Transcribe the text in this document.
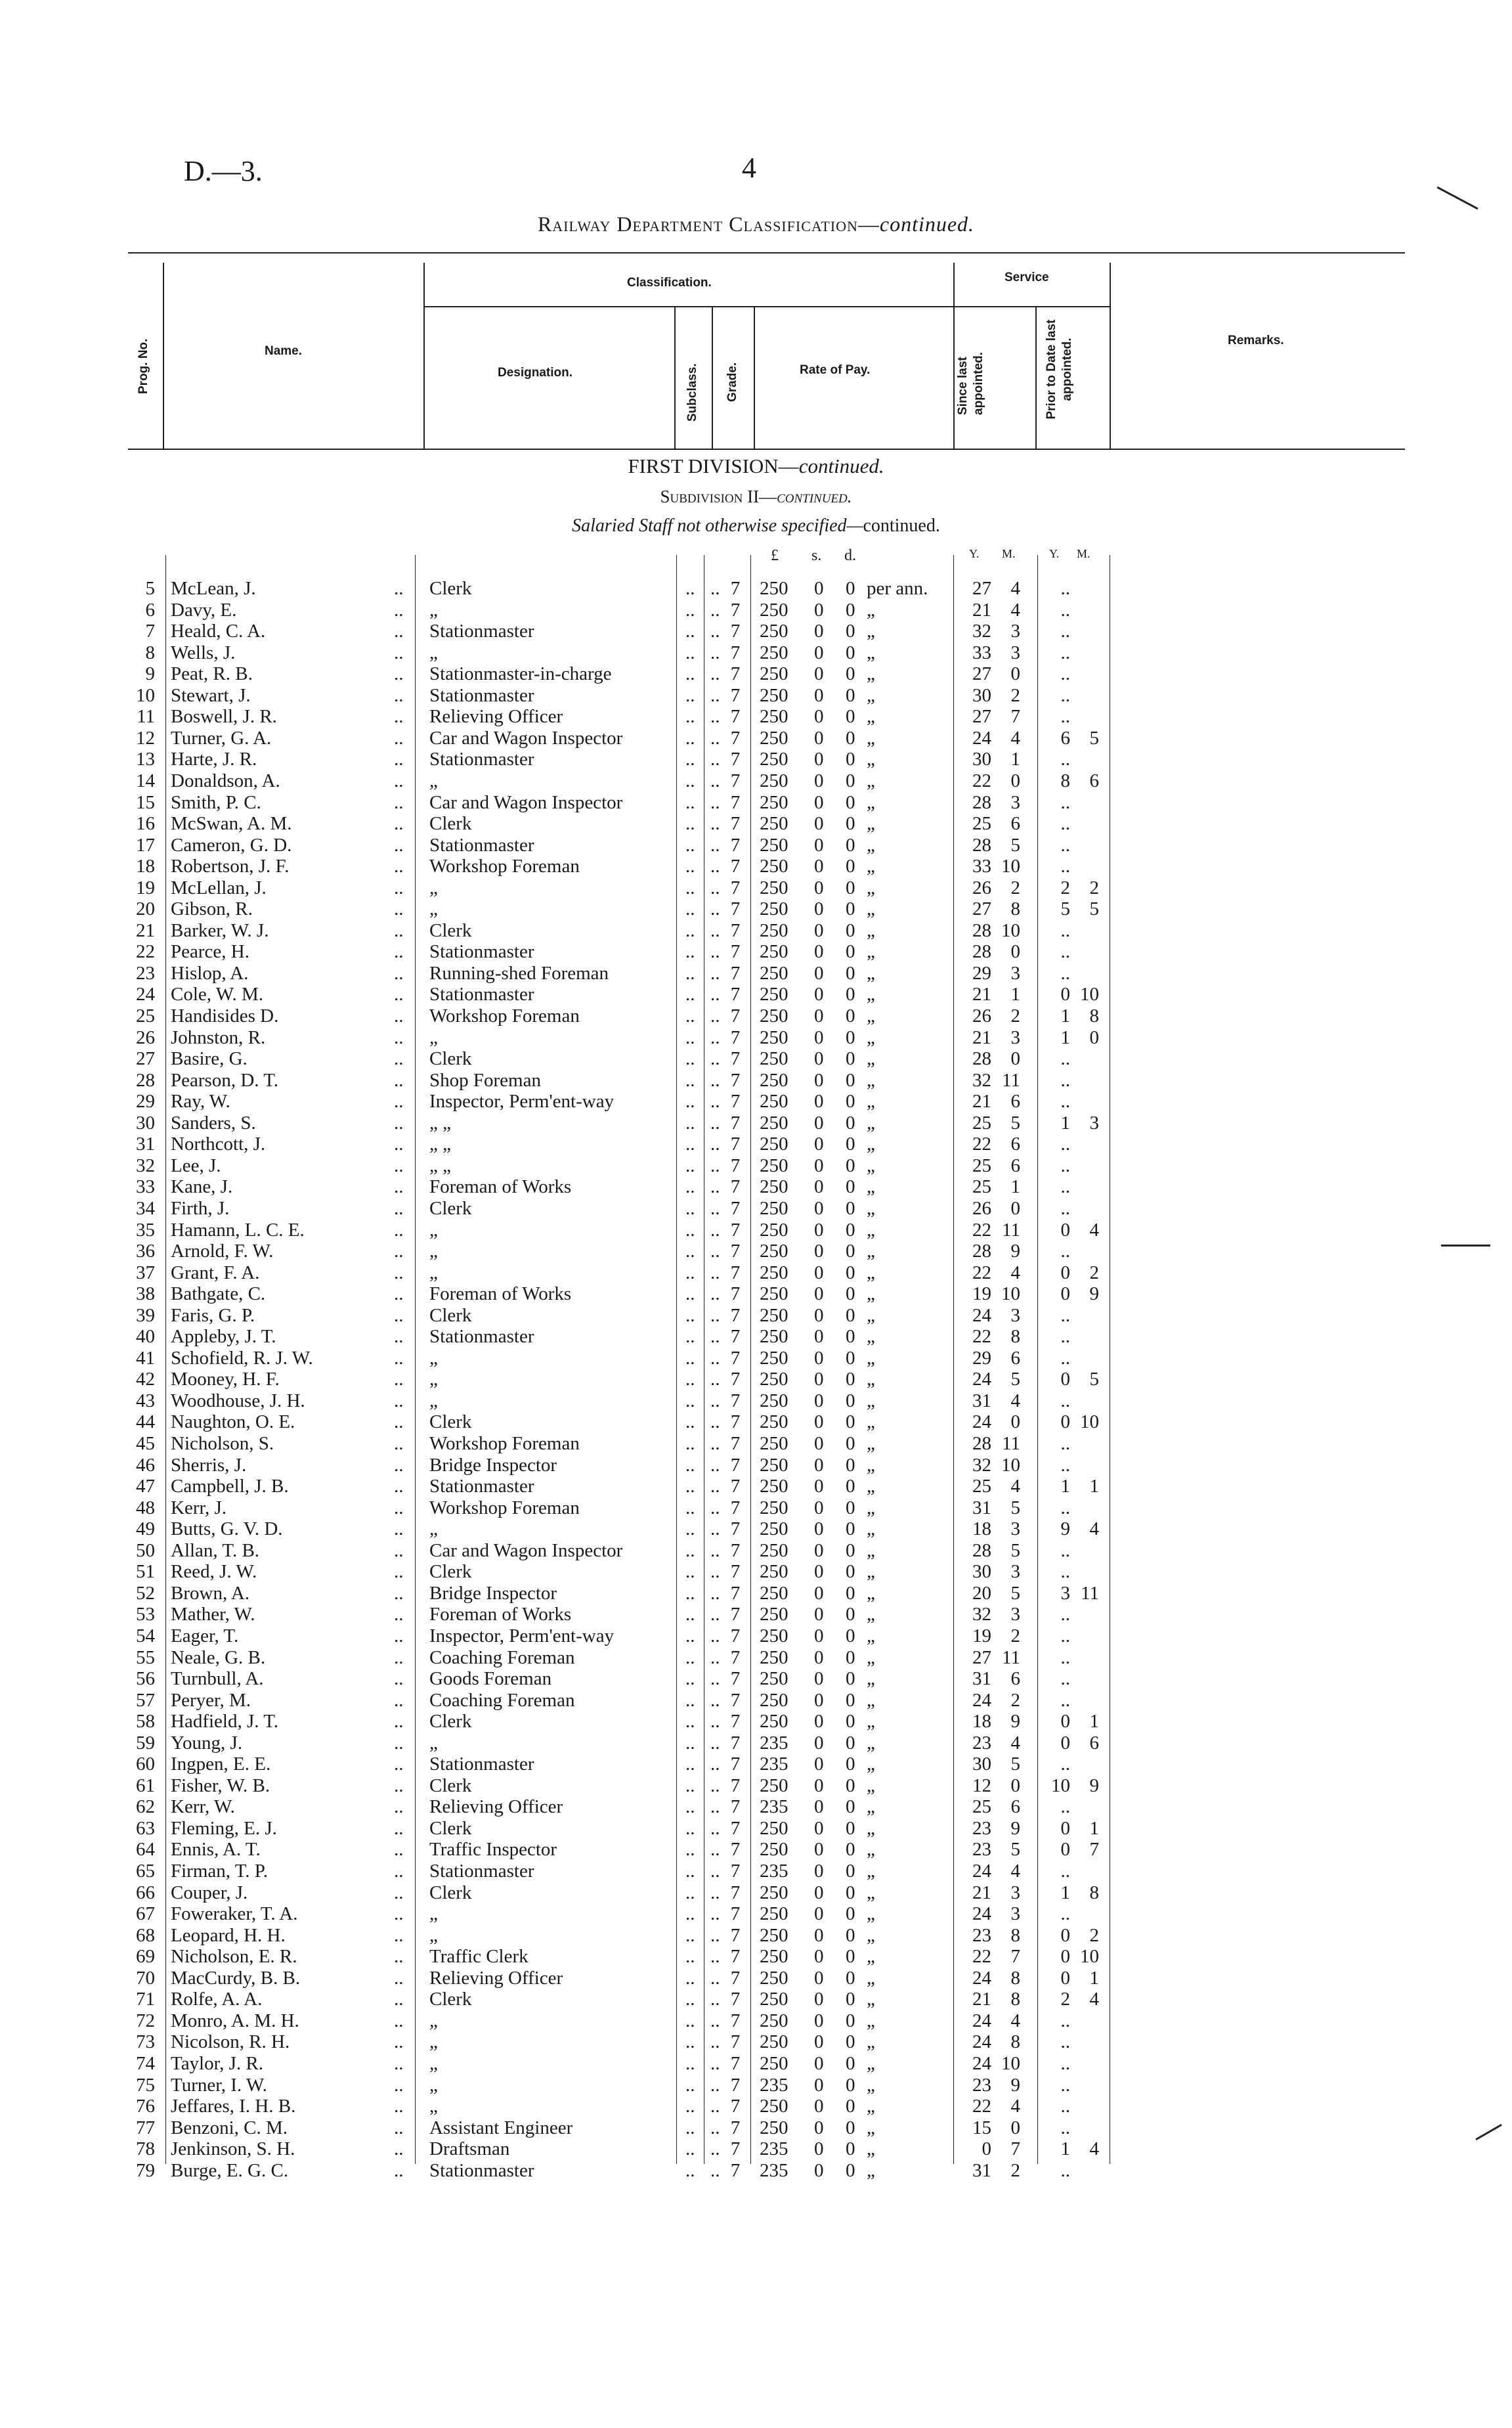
D.—3.	4
Railway Department Classification—continued.
Prog. No.	Name.
Classification.
Designation.	Subclass. Grade.	Rate of Pay.
Service
Since last appointed.	Prior to Date last appointed.	Remarks.
FIRST DIVISION—continued.
Subdivision II—continued.
Salaried Staff not otherwise specified—continued.
£ s. d.	Y. M.	Y. M.
5 McLean, J.	.. Clerk	.. .. 7	250 0 0 per ann.	27	4	..
6 Davy, E.	.. „	.. .. 7	250 0 0 „	21	4	..
7 Heald, C. A.	.. Stationmaster	.. .. 7	250 0 0 „	32	3	..
8 Wells, J.	.. „	.. .. 7	250 0 0 „	33	3	..
9 Peat, R. B.	.. Stationmaster-in-charge	.. .. 7	250 0 0 „	27	0	..
10 Stewart, J.	.. Stationmaster	.. .. 7	250 0 0 „	30	2	..
11 Boswell, J. R.	.. Relieving Officer	.. .. 7	250 0 0 „	27	7	..
12 Turner, G. A.	.. Car and Wagon Inspector	.. .. 7	250 0 0 „	24	4	6	5
13 Harte, J. R.	.. Stationmaster	.. .. 7	250 0 0 „	30	1	..
14 Donaldson, A.	.. „	.. .. 7	250 0 0 „	22	0	8	6
15 Smith, P. C.	.. Car and Wagon Inspector	.. .. 7	250 0 0 „	28	3	..
16 McSwan, A. M.	.. Clerk	.. .. 7	250 0 0 „	25	6	..
17 Cameron, G. D.	.. Stationmaster	.. .. 7	250 0 0 „	28	5	..
18 Robertson, J. F.	.. Workshop Foreman	.. .. 7	250 0 0 „	33 10	..
19 McLellan, J.	.. „	.. .. 7	250 0 0 „	26	2	2	2
20 Gibson, R.	.. „	.. .. 7	250 0 0 „	27	8	5	5
21 Barker, W. J.	.. Clerk	.. .. 7	250 0 0 „	28 10	..
22 Pearce, H.	.. Stationmaster	.. .. 7	250 0 0 „	28	0	..
23 Hislop, A.	.. Running-shed Foreman	.. .. 7	250 0 0 „	29	3	..
24 Cole, W. M.	.. Stationmaster	.. .. 7	250 0 0 „	21	1	0 10
25 Handisides D.	.. Workshop Foreman	.. .. 7	250 0 0 „	26	2	1	8
26 Johnston, R.	.. „	.. .. 7	250 0 0 „	21	3	1	0
27 Basire, G.	.. Clerk	.. .. 7	250 0 0 „	28	0	..
28 Pearson, D. T.	.. Shop Foreman	.. .. 7	250 0 0 „	32 11	..
29 Ray, W.	.. Inspector, Perm'ent-way	.. .. 7	250 0 0 „	21	6	..
30 Sanders, S.	.. „ „	.. .. 7	250 0 0 „	25	5	1	3
31 Northcott, J.	.. „ „	.. .. 7	250 0 0 „	22	6	..
32 Lee, J.	.. „ „	.. .. 7	250 0 0 „	25	6	..
33 Kane, J.	.. Foreman of Works	.. .. 7	250 0 0 „	25	1	..
34 Firth, J.	.. Clerk	.. .. 7	250 0 0 „	26	0	..
35 Hamann, L. C. E.	.. „	.. .. 7	250 0 0 „	22 11	0	4
36 Arnold, F. W.	.. „	.. .. 7	250 0 0 „	28	9	..
37 Grant, F. A.	.. „	.. .. 7	250 0 0 „	22	4	0	2
38 Bathgate, C.	.. Foreman of Works	.. .. 7	250 0 0 „	19 10	0	9
39 Faris, G. P.	.. Clerk	.. .. 7	250 0 0 „	24	3	..
40 Appleby, J. T.	.. Stationmaster	.. .. 7	250 0 0 „	22	8	..
41 Schofield, R. J. W.	.. „	.. .. 7	250 0 0 „	29	6	..
42 Mooney, H. F.	.. „	.. .. 7	250 0 0 „	24	5	0	5
43 Woodhouse, J. H.	.. „	.. .. 7	250 0 0 „	31	4	..
44 Naughton, O. E.	.. Clerk	.. .. 7	250 0 0 „	24	0	0 10
45 Nicholson, S.	.. Workshop Foreman	.. .. 7	250 0 0 „	28 11	..
46 Sherris, J.	.. Bridge Inspector	.. .. 7	250 0 0 „	32 10	..
47 Campbell, J. B.	.. Stationmaster	.. .. 7	250 0 0 „	25	4	1	1
48 Kerr, J.	.. Workshop Foreman	.. .. 7	250 0 0 „	31	5	..
49 Butts, G. V. D.	.. „	.. .. 7	250 0 0 „	18	3	9	4
50 Allan, T. B.	.. Car and Wagon Inspector	.. .. 7	250 0 0 „	28	5	..
51 Reed, J. W.	.. Clerk	.. .. 7	250 0 0 „	30	3	..
52 Brown, A.	.. Bridge Inspector	.. .. 7	250 0 0 „	20	5	3 11
53 Mather, W.	.. Foreman of Works	.. .. 7	250 0 0 „	32	3	..
54 Eager, T.	.. Inspector, Perm'ent-way	.. .. 7	250 0 0 „	19	2	..
55 Neale, G. B.	.. Coaching Foreman	.. .. 7	250 0 0 „	27 11	..
56 Turnbull, A.	.. Goods Foreman	.. .. 7	250 0 0 „	31	6	..
57 Peryer, M.	.. Coaching Foreman	.. .. 7	250 0 0 „	24	2	..
58 Hadfield, J. T.	.. Clerk	.. .. 7	250 0 0 „	18	9	0	1
59 Young, J.	.. „	.. .. 7	235 0 0 „	23	4	0	6
60 Ingpen, E. E.	.. Stationmaster	.. .. 7	235 0 0 „	30	5	..
61 Fisher, W. B.	.. Clerk	.. .. 7	250 0 0 „	12	0 10	9
62 Kerr, W.	.. Relieving Officer	.. .. 7	235 0 0 „	25	6	..
63 Fleming, E. J.	.. Clerk	.. .. 7	250 0 0 „	23	9	0	1
64 Ennis, A. T.	.. Traffic Inspector	.. .. 7	250 0 0 „	23	5	0	7
65 Firman, T. P.	.. Stationmaster	.. .. 7	235 0 0 „	24	4	..
66 Couper, J.	.. Clerk	.. .. 7	250 0 0 „	21	3	1	8
67 Foweraker, T. A.	.. „	.. .. 7	250 0 0 „	24	3	..
68 Leopard, H. H.	.. „	.. .. 7	250 0 0 „	23	8	0	2
69 Nicholson, E. R.	.. Traffic Clerk	.. .. 7	250 0 0 „	22	7	0 10
70 MacCurdy, B. B.	.. Relieving Officer	.. .. 7	250 0 0 „	24	8	0	1
71 Rolfe, A. A.	.. Clerk	.. .. 7	250 0 0 „	21	8	2	4
72 Monro, A. M. H.	.. „	.. .. 7	250 0 0 „	24	4	..
73 Nicolson, R. H.	.. „	.. .. 7	250 0 0 „	24	8	..
74 Taylor, J. R.	.. „	.. .. 7	250 0 0 „	24 10	..
75 Turner, I. W.	.. „	.. .. 7	235 0 0 „	23	9	..
76 Jeffares, I. H. B.	.. „	.. .. 7	250 0 0 „	22	4	..
77 Benzoni, C. M.	.. Assistant Engineer	.. .. 7	250 0 0 „	15	0	..
78 Jenkinson, S. H.	.. Draftsman	.. .. 7	235 0 0 „	0	7	1	4
79 Burge, E. G. C.	.. Stationmaster	.. .. 7	235 0 0 „	31	2	..
